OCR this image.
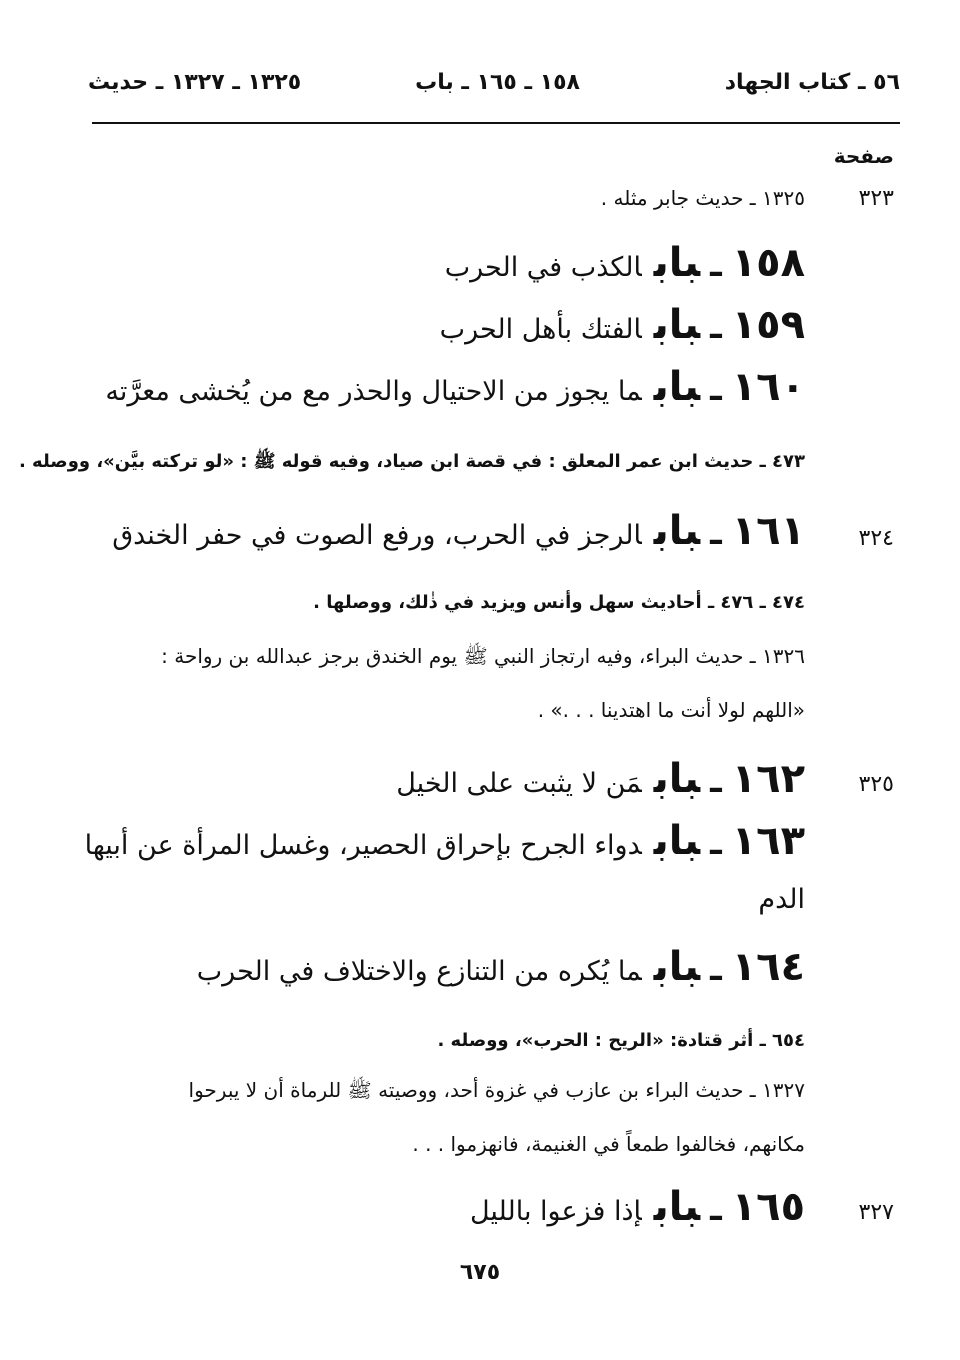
٥٦ ـ كتاب الجهاد
١٥٨ ـ ١٦٥ ـ باب
١٣٢٥ ـ ١٣٢٧ ـ حديث
صفحة
٣٢٣
١٣٢٥ ـ حديث جابر مثله .
١٥٨ـبابالكذب في الحرب
١٥٩ـبابالفتك بأهل الحرب
١٦٠ـبابما يجوز من الاحتيال والحذر مع من يُخشى معرَّته
٤٧٣ ـ حديث ابن عمر المعلق : في قصة ابن صياد، وفيه قوله ﷺ : «لو تركته بيَّن»، ووصله .
٣٢٤
١٦١ـبابالرجز في الحرب، ورفع الصوت في حفر الخندق
٤٧٤ ـ ٤٧٦ ـ أحاديث سهل وأنس ويزيد في ذٰلك، ووصلها .
١٣٢٦ ـ حديث البراء، وفيه ارتجاز النبي ﷺ يوم الخندق برجز عبدالله بن رواحة :
«اللهم لولا أنت ما اهتدينا . . .» .
٣٢٥
١٦٢ـبابمَن لا يثبت على الخيل
١٦٣ـبابدواء الجرح بإحراق الحصير، وغسل المرأة عن أبيها
الدم
١٦٤ـبابما يُكره من التنازع والاختلاف في الحرب
٦٥٤ ـ أثر قتادة: «الريح : الحرب»، ووصله .
١٣٢٧ ـ حديث البراء بن عازب في غزوة أحد، ووصيته ﷺ للرماة أن لا يبرحوا
مكانهم، فخالفوا طمعاً في الغنيمة، فانهزموا . . .
٣٢٧
١٦٥ـبابإذا فزعوا بالليل
٦٧٥
